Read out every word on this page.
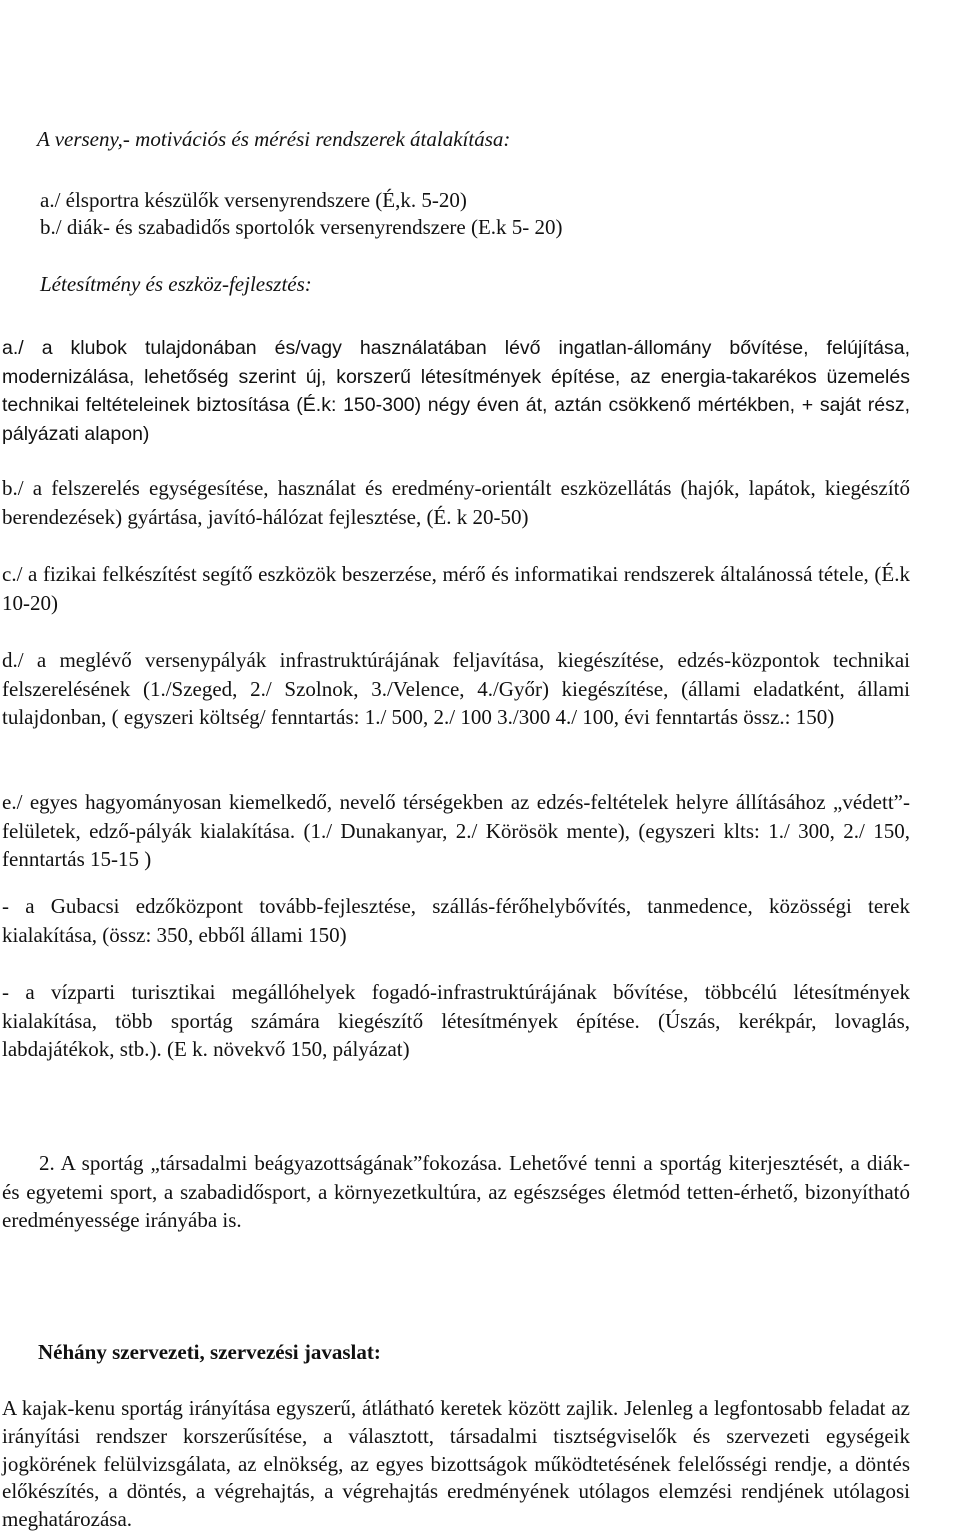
A verseny,- motivációs és mérési rendszerek átalakítása:
a./ élsportra készülők versenyrendszere (É,k. 5-20)
b./ diák- és szabadidős sportolók versenyrendszere (E.k 5- 20)
Létesítmény és eszköz-fejlesztés:
a./ a klubok tulajdonában és/vagy használatában lévő ingatlan-állomány bővítése, felújítása, modernizálása, lehetőség szerint új, korszerű létesítmények építése, az energia-takarékos üzemelés technikai feltételeinek biztosítása (É.k: 150-300) négy éven át, aztán csökkenő mértékben, + saját rész, pályázati alapon)
b./ a felszerelés egységesítése, használat és eredmény-orientált eszközellátás (hajók, lapátok, kiegészítő berendezések) gyártása, javító-hálózat fejlesztése, (É. k 20-50)
c./ a fizikai felkészítést segítő eszközök beszerzése, mérő és informatikai rendszerek általánossá tétele, (É.k 10-20)
d./ a meglévő versenypályák infrastruktúrájának feljavítása, kiegészítése, edzés-központok technikai felszerelésének (1./Szeged, 2./ Szolnok, 3./Velence, 4./Győr) kiegészítése, (állami eladatként, állami tulajdonban, ( egyszeri költség/ fenntartás: 1./ 500, 2./ 100 3./300 4./ 100, évi fenntartás össz.: 150)
e./ egyes hagyományosan kiemelkedő, nevelő térségekben az edzés-feltételek helyre állításához „védett”- felületek, edző-pályák kialakítása. (1./ Dunakanyar, 2./ Körösök mente), (egyszeri klts: 1./ 300, 2./ 150, fenntartás 15-15 )
- a Gubacsi edzőközpont tovább-fejlesztése, szállás-férőhelybővítés, tanmedence, közösségi terek kialakítása, (össz: 350, ebből állami 150)
- a vízparti turisztikai megállóhelyek fogadó-infrastruktúrájának bővítése, többcélú létesítmények kialakítása, több sportág számára kiegészítő létesítmények építése. (Úszás, kerékpár, lovaglás, labdajátékok, stb.). (E k. növekvő 150, pályázat)
2. A sportág „társadalmi beágyazottságának”fokozása. Lehetővé tenni a sportág kiterjesztését, a diák- és egyetemi sport, a szabadidősport, a környezetkultúra, az egészséges életmód tetten-érhető, bizonyítható eredményessége irányába is.
Néhány szervezeti, szervezési javaslat:
A kajak-kenu sportág irányítása egyszerű, átlátható keretek között zajlik. Jelenleg a legfontosabb feladat az irányítási rendszer korszerűsítése, a választott, társadalmi tisztségviselők és szervezeti egységeik jogkörének felülvizsgálata, az elnökség, az egyes bizottságok működtetésének felelősségi rendje, a döntés előkészítés, a döntés, a végrehajtás, a végrehajtás eredményének utólagos elemzési rendjének utólagosi meghatározása.
